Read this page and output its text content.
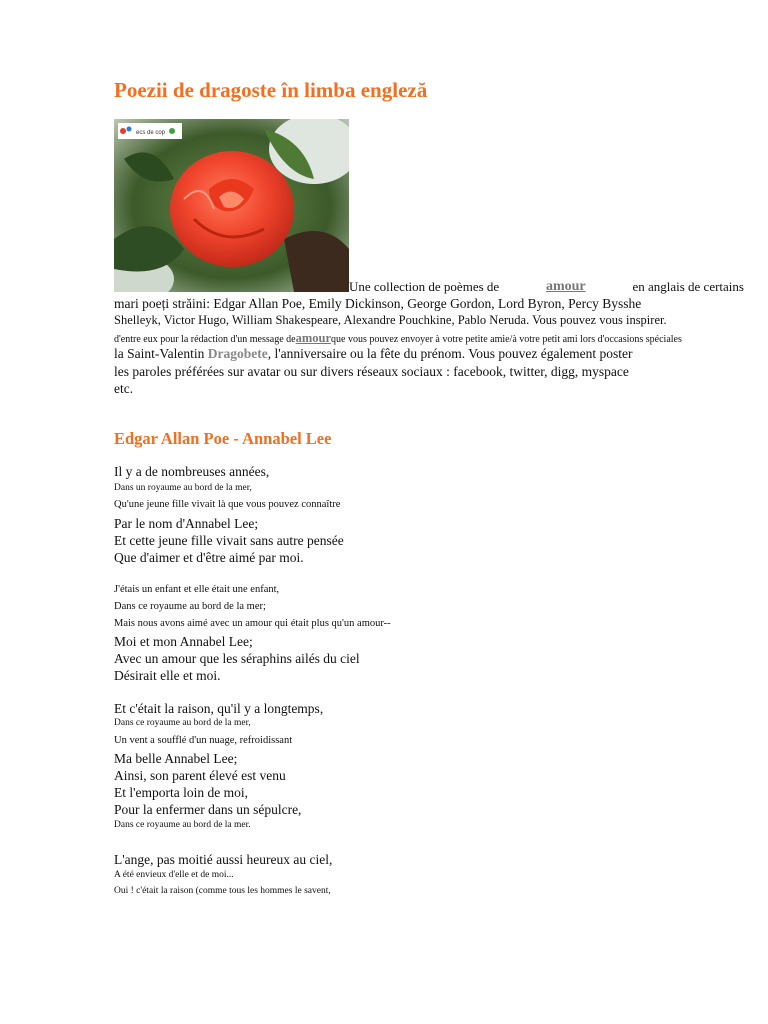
Poezii de dragoste în limba engleză
ecs de cop
Une collection de poèmes de	amour	en anglais de certains
mari poeți străini: Edgar Allan Poe, Emily Dickinson, George Gordon, Lord Byron, Percy Bysshe
Shelleyk, Victor Hugo, William Shakespeare, Alexandre Pouchkine, Pablo Neruda. Vous pouvez vous inspirer.
d'entre eux pour la rédaction d'un message deamourque vous pouvez envoyer à votre petite amie/à votre petit ami lors d'occasions spéciales
la Saint-Valentin Dragobete, l'anniversaire ou la fête du prénom. Vous pouvez également poster
les paroles préférées sur avatar ou sur divers réseaux sociaux : facebook, twitter, digg, myspace
etc.
Edgar Allan Poe - Annabel Lee
Il y a de nombreuses années,
Dans un royaume au bord de la mer,
Qu'une jeune fille vivait là que vous pouvez connaître
Par le nom d'Annabel Lee;
Et cette jeune fille vivait sans autre pensée
Que d'aimer et d'être aimé par moi.
J'étais un enfant et elle était une enfant,
Dans ce royaume au bord de la mer;
Mais nous avons aimé avec un amour qui était plus qu'un amour--
Moi et mon Annabel Lee;
Avec un amour que les séraphins ailés du ciel
Désirait elle et moi.
Et c'était la raison, qu'il y a longtemps,
Dans ce royaume au bord de la mer,
Un vent a soufflé d'un nuage, refroidissant
Ma belle Annabel Lee;
Ainsi, son parent élevé est venu
Et l'emporta loin de moi,
Pour la enfermer dans un sépulcre,
Dans ce royaume au bord de la mer.
L'ange, pas moitié aussi heureux au ciel,
A été envieux d'elle et de moi...
Oui ! c'était la raison (comme tous les hommes le savent,
